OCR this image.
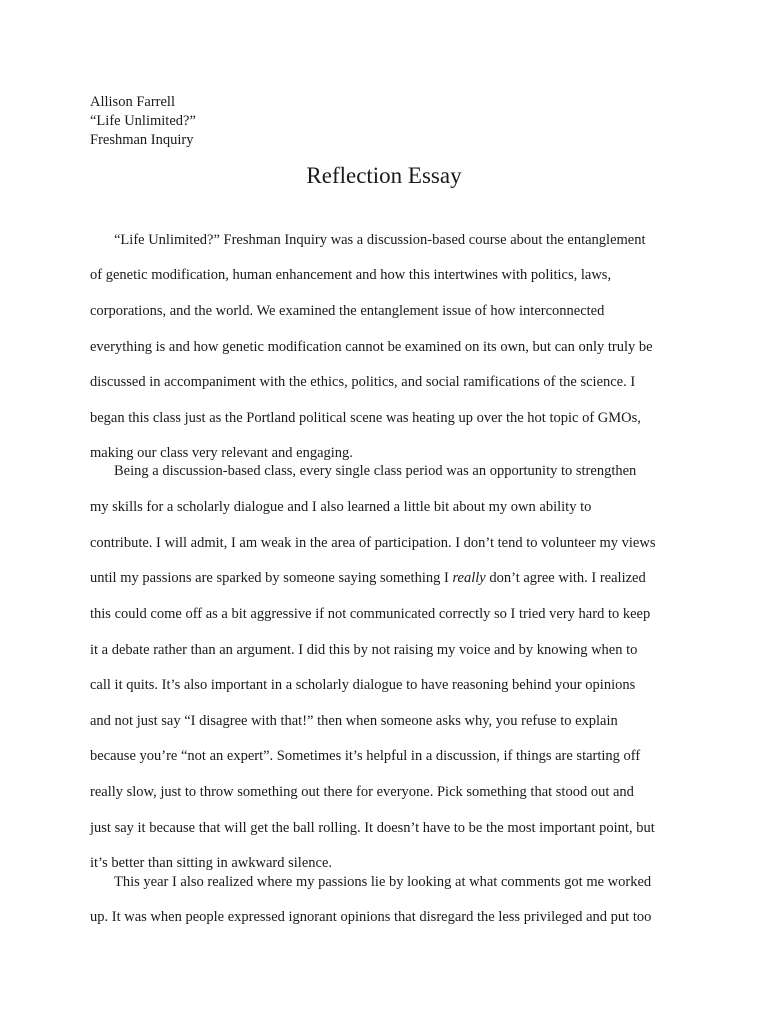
Allison Farrell
“Life Unlimited?”
Freshman Inquiry
Reflection Essay
“Life Unlimited?” Freshman Inquiry was a discussion-based course about the entanglement
of genetic modification, human enhancement and how this intertwines with politics, laws,
corporations, and the world. We examined the entanglement issue of how interconnected
everything is and how genetic modification cannot be examined on its own, but can only truly be
discussed in accompaniment with the ethics, politics, and social ramifications of the science. I
began this class just as the Portland political scene was heating up over the hot topic of GMOs,
making our class very relevant and engaging.
Being a discussion-based class, every single class period was an opportunity to strengthen
my skills for a scholarly dialogue and I also learned a little bit about my own ability to
contribute. I will admit, I am weak in the area of participation. I don’t tend to volunteer my views
until my passions are sparked by someone saying something I really don’t agree with. I realized
this could come off as a bit aggressive if not communicated correctly so I tried very hard to keep
it a debate rather than an argument. I did this by not raising my voice and by knowing when to
call it quits. It’s also important in a scholarly dialogue to have reasoning behind your opinions
and not just say “I disagree with that!” then when someone asks why, you refuse to explain
because you’re “not an expert”. Sometimes it’s helpful in a discussion, if things are starting off
really slow, just to throw something out there for everyone. Pick something that stood out and
just say it because that will get the ball rolling. It doesn’t have to be the most important point, but
it’s better than sitting in awkward silence.
This year I also realized where my passions lie by looking at what comments got me worked
up. It was when people expressed ignorant opinions that disregard the less privileged and put too
